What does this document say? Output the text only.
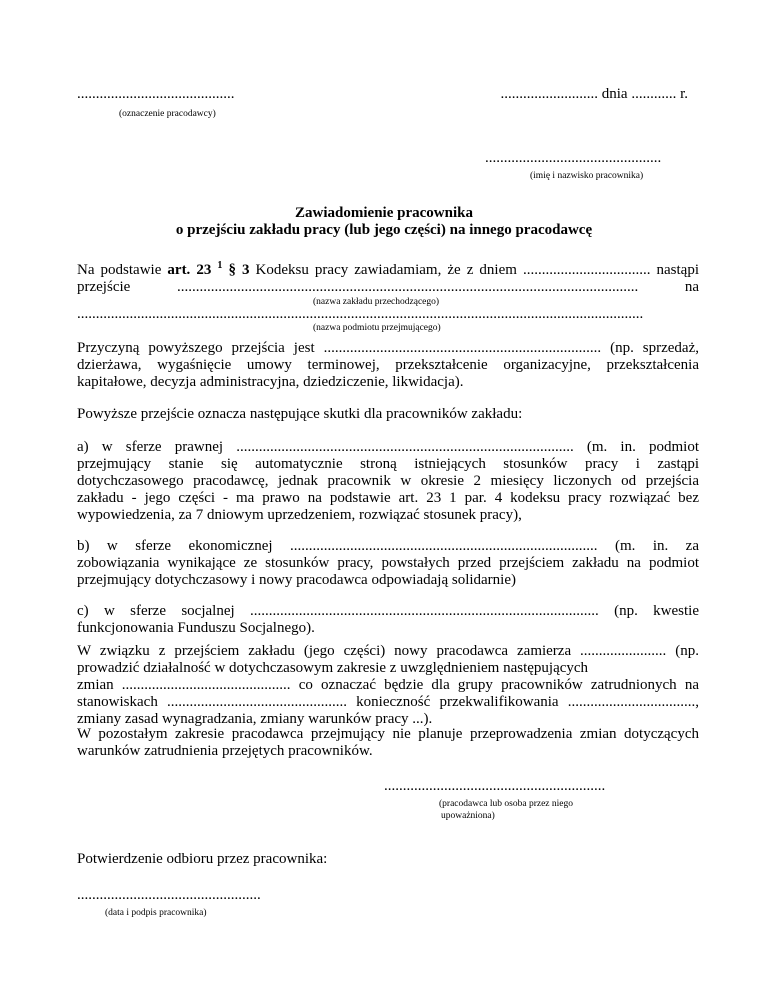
..........................................
(oznaczenie pracodawcy)
.......................... dnia ............ r.
...............................................
(imię i nazwisko pracownika)
Zawiadomienie pracownika
o przejściu zakładu pracy (lub jego części) na innego pracodawcę
Na podstawie art. 23 $^1$ § 3 Kodeksu pracy zawiadamiam, że z dniem .................................. nastąpi
przejście ........................................................................................................................... na
(nazwa zakładu przechodzącego)
.......................................................................................................................................................
(nazwa podmiotu przejmującego)
Przyczyną powyższego przejścia jest .......................................................................... (np. sprzedaż,
dzierżawa, wygaśnięcie umowy terminowej, przekształcenie organizacyjne, przekształcenia
kapitałowe, decyzja administracyjna, dziedziczenie, likwidacja).
Powyższe przejście oznacza następujące skutki dla pracowników zakładu:
a) w sferze prawnej .......................................................................................... (m. in. podmiot
przejmujący stanie się automatycznie stroną istniejących stosunków pracy i zastąpi
dotychczasowego pracodawcę, jednak pracownik w okresie 2 miesięcy liczonych od przejścia
zakładu - jego części - ma prawo na podstawie art. 23 1 par. 4 kodeksu pracy rozwiązać bez
wypowiedzenia, za 7 dniowym uprzedzeniem, rozwiązać stosunek pracy),
b) w sferze ekonomicznej .................................................................................. (m. in. za
zobowiązania wynikające ze stosunków pracy, powstałych przed przejściem zakładu na podmiot
przejmujący dotychczasowy i nowy pracodawca odpowiadają solidarnie)
c) w sferze socjalnej ............................................................................................. (np. kwestie
funkcjonowania Funduszu Socjalnego).
W związku z przejściem zakładu (jego części) nowy pracodawca zamierza ....................... (np.
prowadzić działalność w dotychczasowym zakresie z uwzględnieniem następujących
zmian ............................................. co oznaczać będzie dla grupy pracowników zatrudnionych na
stanowiskach ................................................ konieczność przekwalifikowania ..................................,
zmiany zasad wynagradzania, zmiany warunków pracy ...).
W pozostałym zakresie pracodawca przejmujący nie planuje przeprowadzenia zmian dotyczących
warunków zatrudnienia przejętych pracowników.
...........................................................
(pracodawca lub osoba przez niego
upoważniona)
Potwierdzenie odbioru przez pracownika:
.................................................
(data i podpis pracownika)
